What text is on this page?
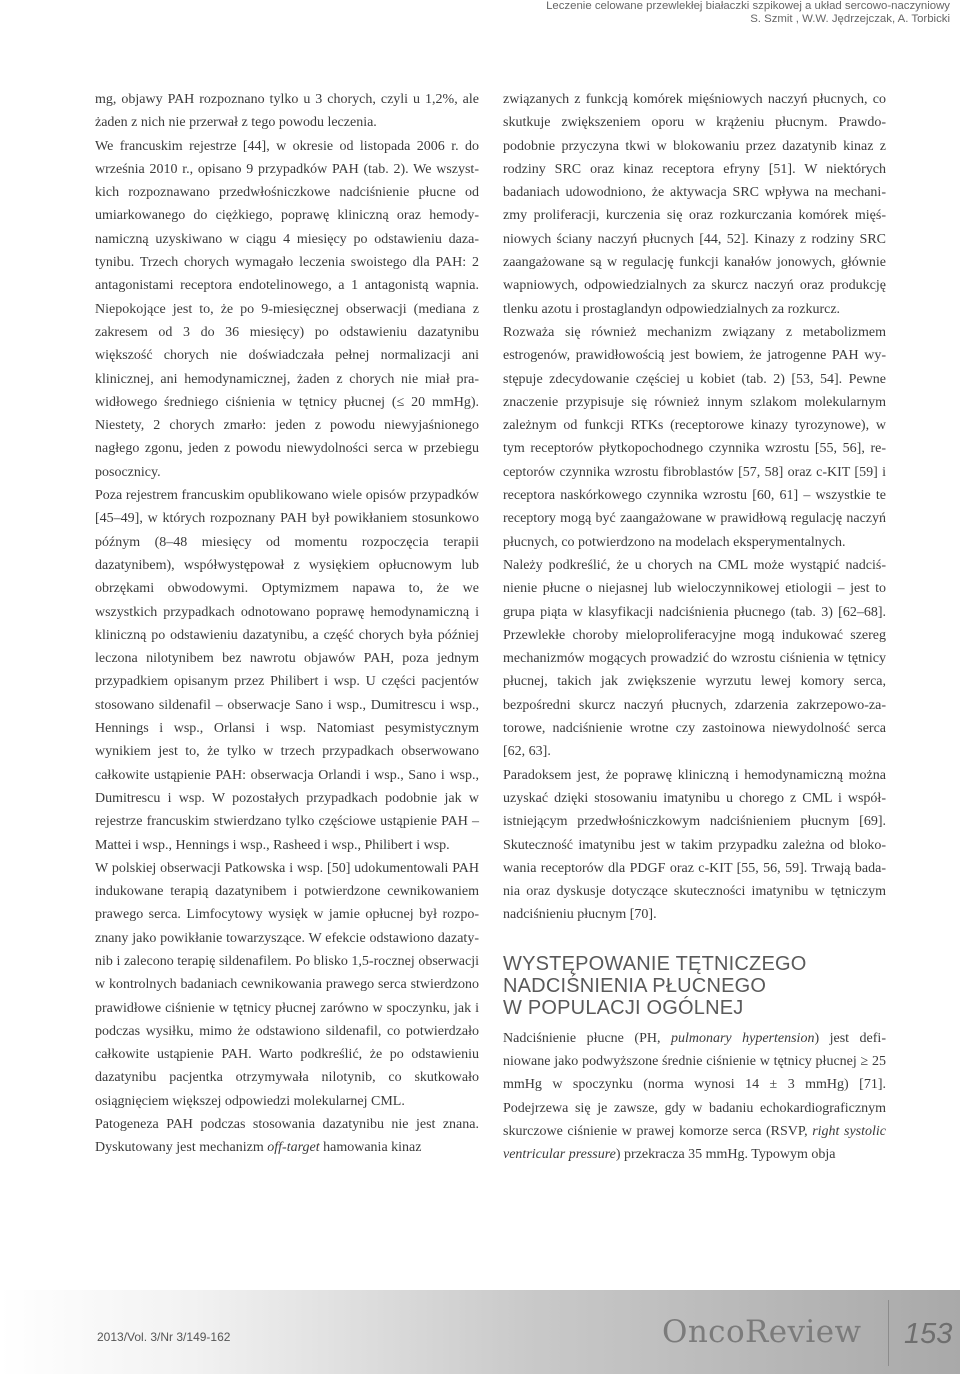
Leczenie celowane przewlekłej białaczki szpikowej a układ sercowo-naczyniowy
S. Szmit , W.W. Jędrzejczak, A. Torbicki

mg, objawy PAH rozpoznano tylko u 3 chorych, czyli u 1,2%, ale żaden z nich nie przerwał z tego powodu leczenia.

We francuskim rejestrze [44], w okresie od listopada 2006 r. do września 2010 r., opisano 9 przypadków PAH (tab. 2). We wszystkich rozpoznawano przedwłośniczkowe nadciśnienie płucne od umiarkowanego do ciężkiego, poprawę kliniczną oraz hemodynamiczną uzyskiwano w ciągu 4 miesięcy po odstawieniu dazatynibu. Trzech chorych wymagało leczenia swoistego dla PAH: 2 antagonistami receptora endotelinowego, a 1 antagonistą wapnia. Niepokojące jest to, że po 9-miesięcznej obserwacji (mediana z zakresem od 3 do 36 miesięcy) po odstawieniu dazatynibu większość chorych nie doświadczała pełnej normalizacji ani klinicznej, ani hemodynamicznej, żaden z chorych nie miał prawidłowego średniego ciśnienia w tętnicy płucnej (≤ 20 mmHg). Niestety, 2 chorych zmarło: jeden z powodu niewyjaśnionego nagłego zgonu, jeden z powodu niewydolności serca w przebiegu posocznicy.

Poza rejestrem francuskim opublikowano wiele opisów przypadków [45–49], w których rozpoznany PAH był powikłaniem stosunkowo późnym (8–48 miesięcy od momentu rozpoczęcia terapii dazatynibem), współwystępował z wysiękiem opłucnowym lub obrzękami obwodowymi. Optymizmem napawa to, że we wszystkich przypadkach odnotowano poprawę hemodynamiczną i kliniczną po odstawieniu dazatynibu, a część chorych była później leczona nilotynibem bez nawrotu objawów PAH, poza jednym przypadkiem opisanym przez Philibert i wsp. U części pacjentów stosowano sildenafil – obserwacje Sano i wsp., Dumitrescu i wsp., Hennings i wsp., Orlansi i wsp. Natomiast pesymistycznym wynikiem jest to, że tylko w trzech przypadkach obserwowano całkowite ustąpienie PAH: obserwacja Orlandi i wsp., Sano i wsp., Dumitrescu i wsp. W pozostałych przypadkach podobnie jak w rejestrze francuskim stwierdzano tylko częściowe ustąpienie PAH – Mattei i wsp., Hennings i wsp., Rasheed i wsp., Philibert i wsp.

W polskiej obserwacji Patkowska i wsp. [50] udokumentowali PAH indukowane terapią dazatynibem i potwierdzone cewnikowaniem prawego serca. Limfocytowy wysięk w jamie opłucnej był rozpoznany jako powikłanie towarzyszące. W efekcie odstawiono dazatynib i zalecono terapię sildenafilem. Po blisko 1,5-rocznej obserwacji w kontrolnych badaniach cewnikowania prawego serca stwierdzono prawidłowe ciśnienie w tętnicy płucnej zarówno w spoczynku, jak i podczas wysiłku, mimo że odstawiono sildenafil, co potwierdzało całkowite ustąpienie PAH. Warto podkreślić, że po odstawieniu dazatynibu pacjentka otrzymywała nilotynib, co skutkowało osiągnięciem większej odpowiedzi molekularnej CML.

Patogeneza PAH podczas stosowania dazatynibu nie jest znana. Dyskutowany jest mechanizm off-target hamowania kinaz

związanych z funkcją komórek mięśniowych naczyń płucnych, co skutkuje zwiększeniem oporu w krążeniu płucnym. Prawdopodobnie przyczyna tkwi w blokowaniu przez dazatynib kinaz z rodziny SRC oraz kinaz receptora efryny [51]. W niektórych badaniach udowodniono, że aktywacja SRC wpływa na mechanizmy proliferacji, kurczenia się oraz rozkurczania komórek mięśniowych ściany naczyń płucnych [44, 52]. Kinazy z rodziny SRC zaangażowane są w regulację funkcji kanałów jonowych, głównie wapniowych, odpowiedzialnych za skurcz naczyń oraz produkcję tlenku azotu i prostaglandyn odpowiedzialnych za rozkurcz.

Rozważa się również mechanizm związany z metabolizmem estrogenów, prawidłowością jest bowiem, że jatrogenne PAH występuje zdecydowanie częściej u kobiet (tab. 2) [53, 54]. Pewne znaczenie przypisuje się również innym szlakom molekularnym zależnym od funkcji RTKs (receptorowe kinazy tyrozynowe), w tym receptorów płytkopochodnego czynnika wzrostu [55, 56], receptorów czynnika wzrostu fibroblastów [57, 58] oraz c-KIT [59] i receptora naskórkowego czynnika wzrostu [60, 61] – wszystkie te receptory mogą być zaangażowane w prawidłową regulację naczyń płucnych, co potwierdzono na modelach eksperymentalnych.

Należy podkreślić, że u chorych na CML może wystąpić nadciśnienie płucne o niejasnej lub wieloczynnikowej etiologii – jest to grupa piąta w klasyfikacji nadciśnienia płucnego (tab. 3) [62–68]. Przewlekłe choroby mieloproliferacyjne mogą indukować szereg mechanizmów mogących prowadzić do wzrostu ciśnienia w tętnicy płucnej, takich jak zwiększenie wyrzutu lewej komory serca, bezpośredni skurcz naczyń płucnych, zdarzenia zakrzepowo-zatorowe, nadciśnienie wrotne czy zastoinowa niewydolność serca [62, 63].

Paradoksem jest, że poprawę kliniczną i hemodynamiczną można uzyskać dzięki stosowaniu imatynibu u chorego z CML i współistniejącym przedwłośniczkowym nadciśnieniem płucnym [69]. Skuteczność imatynibu jest w takim przypadku zależna od blokowania receptorów dla PDGF oraz c-KIT [55, 56, 59]. Trwają badania oraz dyskusje dotyczące skuteczności imatynibu w tętniczym nadciśnieniu płucnym [70].

WYSTĘPOWANIE TĘTNICZEGO
NADCIŚNIENIA PŁUCNEGO
W POPULACJI OGÓLNEJ

Nadciśnienie płucne (PH, pulmonary hypertension) jest definiowane jako podwyższone średnie ciśnienie w tętnicy płucnej ≥ 25 mmHg w spoczynku (norma wynosi 14 ± 3 mmHg) [71]. Podejrzewa się je zawsze, gdy w badaniu echokardiograficznym skurczowe ciśnienie w prawej komorze serca (RSVP, right systolic ventricular pressure) przekracza 35 mmHg. Typowym obja

2013/Vol. 3/Nr 3/149-162	OncoReview 153
